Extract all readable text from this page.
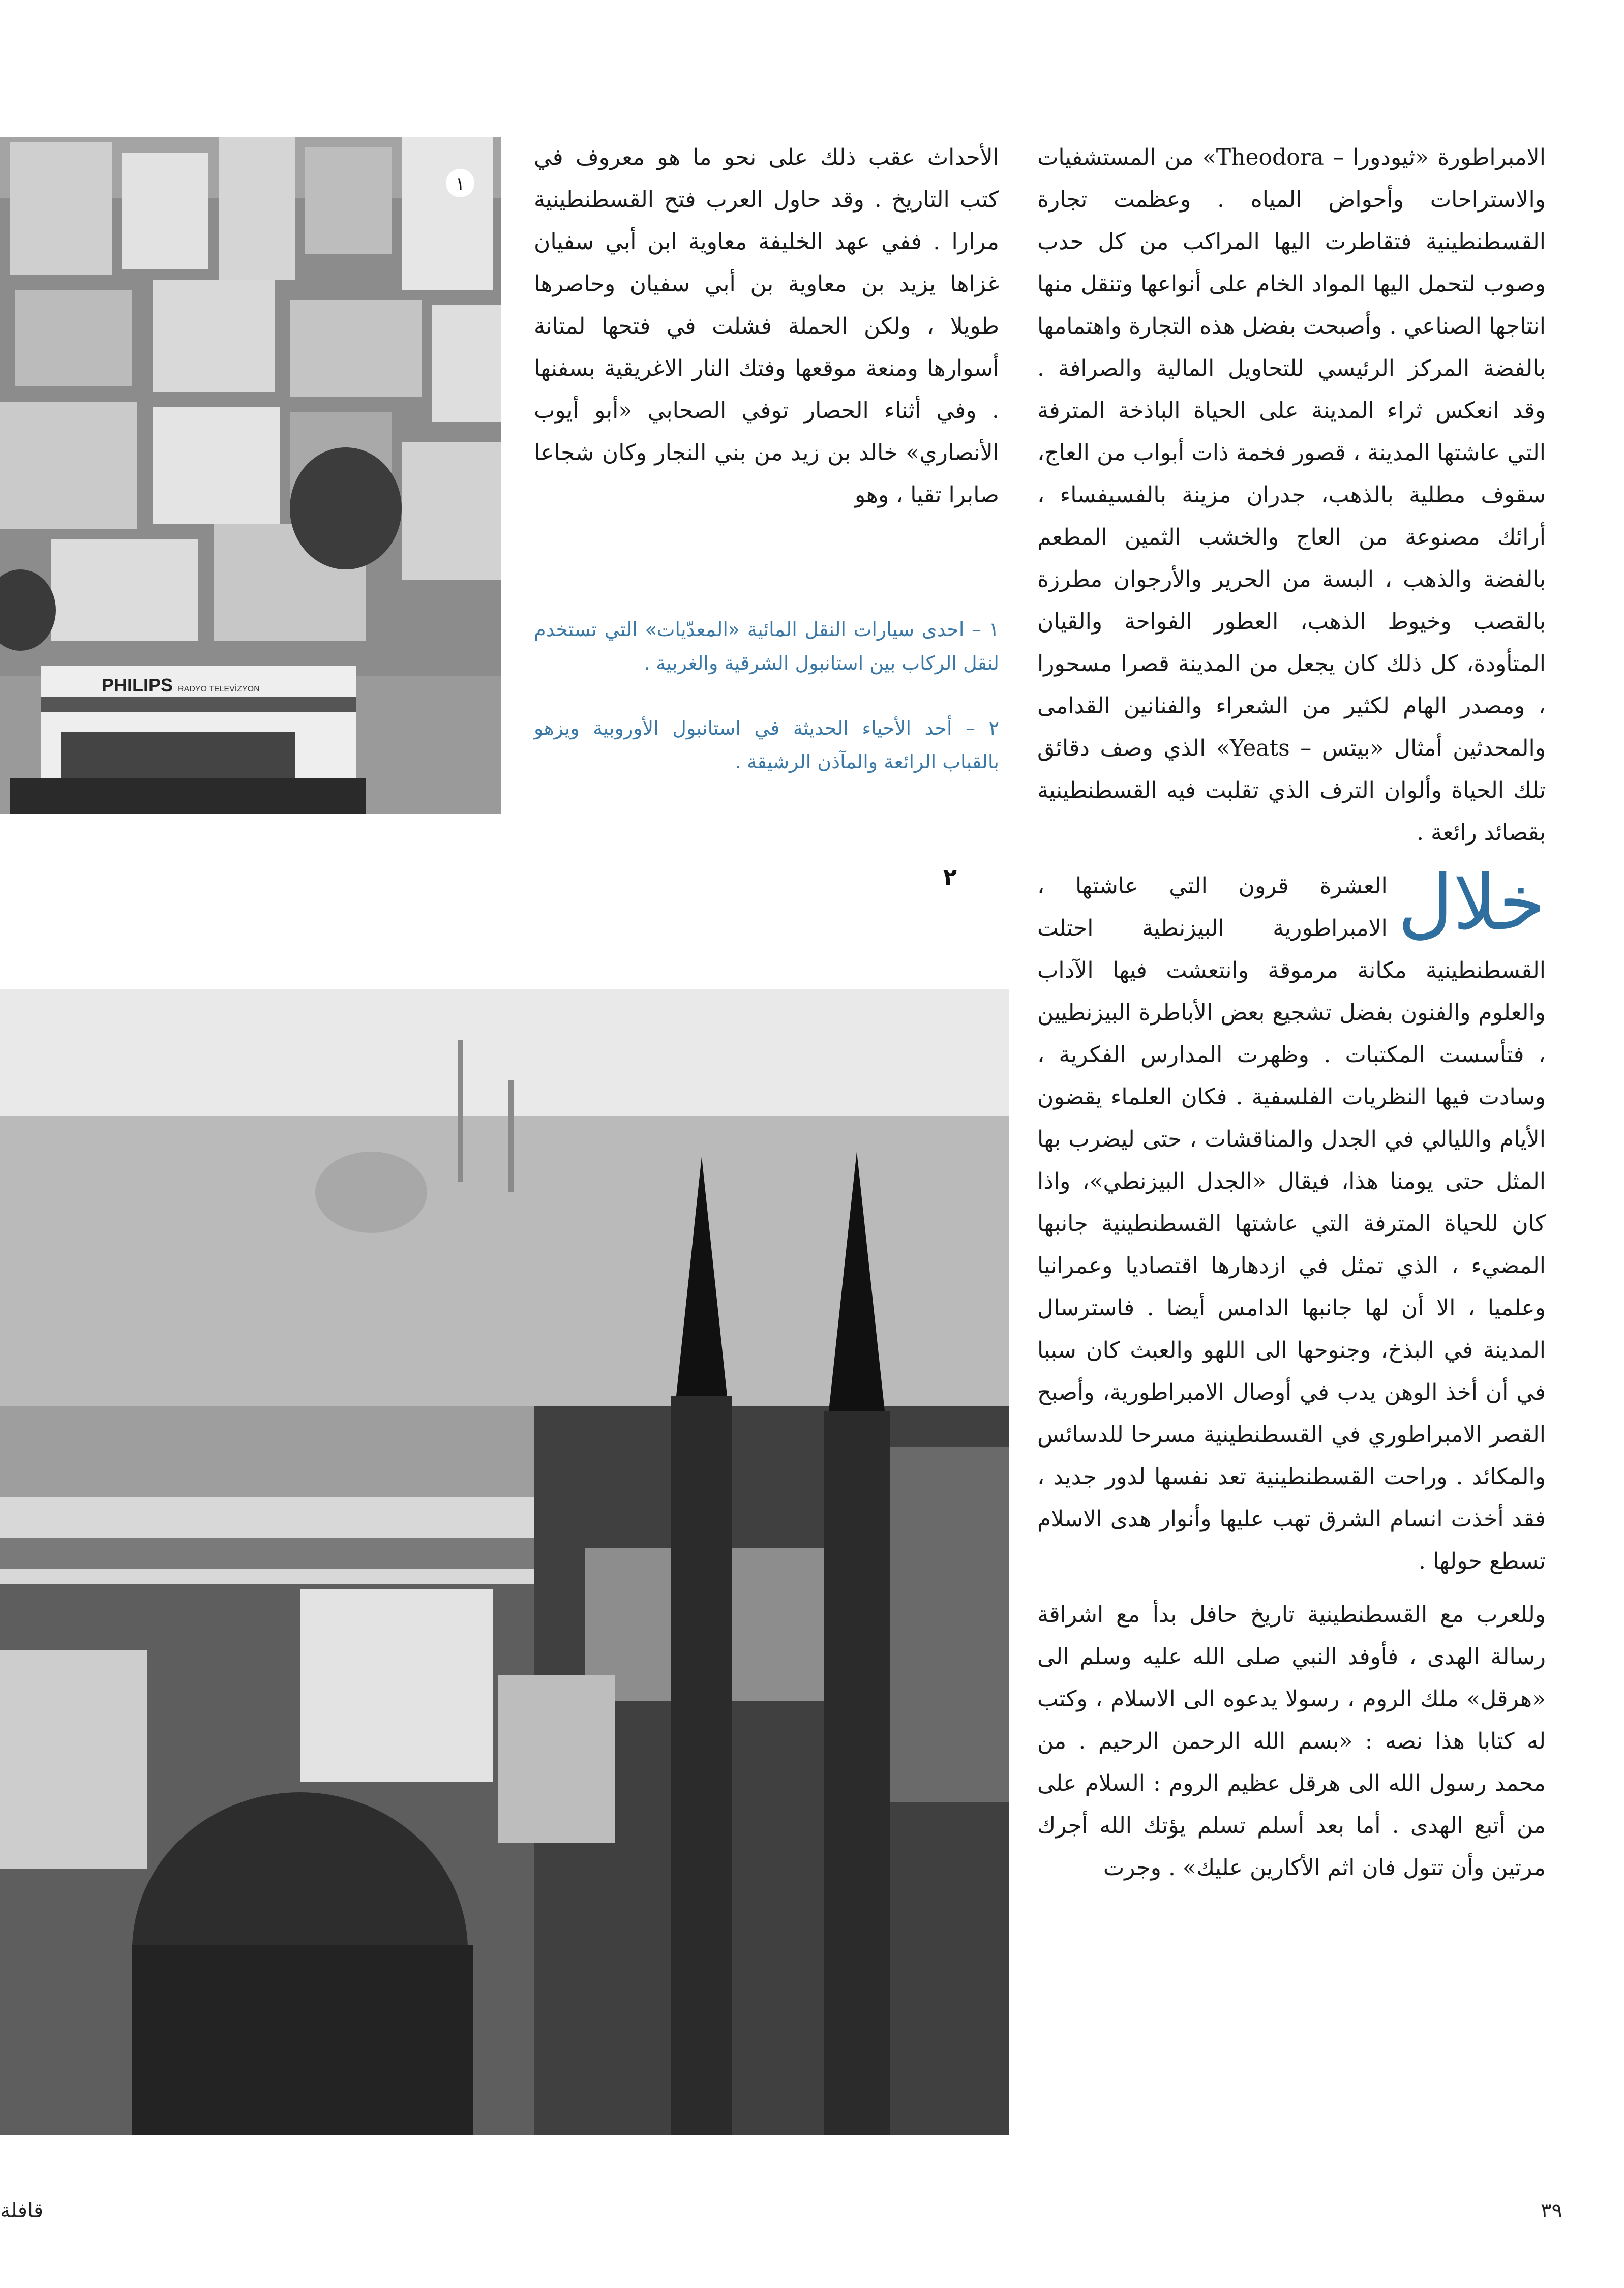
PHILIPS RADYO TELEVİZYON
١

الامبراطورة «ثيودورا – Theodora» من المستشفيات والاستراحات وأحواض المياه . وعظمت تجارة القسطنطينية فتقاطرت اليها المراكب من كل حدب وصوب لتحمل اليها المواد الخام على أنواعها وتنقل منها انتاجها الصناعي . وأصبحت بفضل هذه التجارة واهتمامها بالفضة المركز الرئيسي للتحاويل المالية والصرافة . وقد انعكس ثراء المدينة على الحياة الباذخة المترفة التي عاشتها المدينة ، قصور فخمة ذات أبواب من العاج، سقوف مطلية بالذهب، جدران مزينة بالفسيفساء ، أرائك مصنوعة من العاج والخشب الثمين المطعم بالفضة والذهب ، البسة من الحرير والأرجوان مطرزة بالقصب وخيوط الذهب، العطور الفواحة والقيان المتأودة، كل ذلك كان يجعل من المدينة قصرا مسحورا ، ومصدر الهام لكثير من الشعراء والفنانين القدامى والمحدثين أمثال «بيتس – Yeats» الذي وصف دقائق تلك الحياة وألوان الترف الذي تقلبت فيه القسطنطينية بقصائد رائعة .

خلال
العشرة قرون التي عاشتها ، الامبراطورية البيزنطية احتلت القسطنطينية مكانة مرموقة وانتعشت فيها الآداب والعلوم والفنون بفضل تشجيع بعض الأباطرة البيزنطيين ، فتأسست المكتبات . وظهرت المدارس الفكرية ، وسادت فيها النظريات الفلسفية . فكان العلماء يقضون الأيام والليالي في الجدل والمناقشات ، حتى ليضرب بها المثل حتى يومنا هذا، فيقال «الجدل البيزنطي»، واذا كان للحياة المترفة التي عاشتها القسطنطينية جانبها المضيء ، الذي تمثل في ازدهارها اقتصاديا وعمرانيا وعلميا ، الا أن لها جانبها الدامس أيضا . فاسترسال المدينة في البذخ، وجنوحها الى اللهو والعبث كان سببا في أن أخذ الوهن يدب في أوصال الامبراطورية، وأصبح القصر الامبراطوري في القسطنطينية مسرحا للدسائس والمكائد . وراحت القسطنطينية تعد نفسها لدور جديد ، فقد أخذت انسام الشرق تهب عليها وأنوار هدى الاسلام تسطع حولها .

وللعرب مع القسطنطينية تاريخ حافل بدأ مع اشراقة رسالة الهدى ، فأوفد النبي صلى الله عليه وسلم الى «هرقل» ملك الروم ، رسولا يدعوه الى الاسلام ، وكتب له كتابا هذا نصه : «بسم الله الرحمن الرحيم . من محمد رسول الله الى هرقل عظيم الروم : السلام على من أتبع الهدى . أما بعد أسلم تسلم يؤتك الله أجرك مرتين وأن تتول فان اثم الأكارين عليك» . وجرت

الأحداث عقب ذلك على نحو ما هو معروف في كتب التاريخ . وقد حاول العرب فتح القسطنطينية مرارا . ففي عهد الخليفة معاوية ابن أبي سفيان غزاها يزيد بن معاوية بن أبي سفيان وحاصرها طويلا ، ولكن الحملة فشلت في فتحها لمتانة أسوارها ومنعة موقعها وفتك النار الاغريقية بسفنها . وفي أثناء الحصار توفي الصحابي «أبو أيوب الأنصاري» خالد بن زيد من بني النجار وكان شجاعا صابرا تقيا ، وهو

١ – احدى سيارات النقل المائية «المعدّيات» التي تستخدم لنقل الركاب بين استانبول الشرقية والغربية .

٢ – أحد الأحياء الحديثة في استانبول الأوروبية ويزهو بالقباب الرائعة والمآذن الرشيقة .

٢
٣٩
قافلة
